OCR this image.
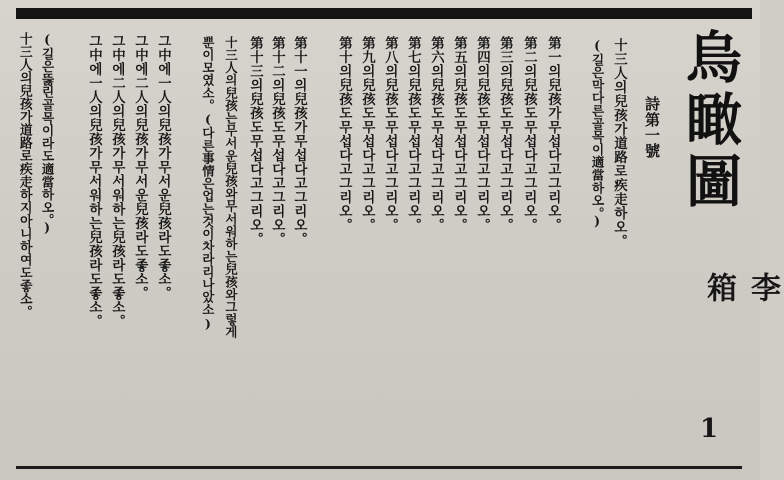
烏瞰圖
詩第一號
李 箱
1
十三人의兒孩가道路로疾走하오。
(길은막다른골목이適當하오。)
第一의兒孩가무섭다고그리오。
第二의兒孩도무섭다고그리오。
第三의兒孩도무섭다고그리오。
第四의兒孩도무섭다고그리오。
第五의兒孩도무섭다고그리오。
第六의兒孩도무섭다고그리오。
第七의兒孩도무섭다고그리오。
第八의兒孩도무섭다고그리오。
第九의兒孩도무섭다고그리오。
第十의兒孩도무섭다고그리오。
第十一의兒孩가무섭다고그리오。
第十二의兒孩도무섭다고그리오。
第十三의兒孩도무섭다고그리오。
十三人의兒孩는무서운兒孩와무서워하는兒孩와그렇게
뿐이모였소。(다른事情은업는것이차라리나았소)
그中에一人의兒孩가무서운兒孩라도좋소。
그中에二人의兒孩가무서운兒孩라도좋소。
그中에二人의兒孩가무서워하는兒孩라도좋소。
그中에一人의兒孩가무서워하는兒孩라도좋소。
(길은뚫린골목이라도適當하오。)
十三人의兒孩가道路로疾走하지아니하여도좋소。
